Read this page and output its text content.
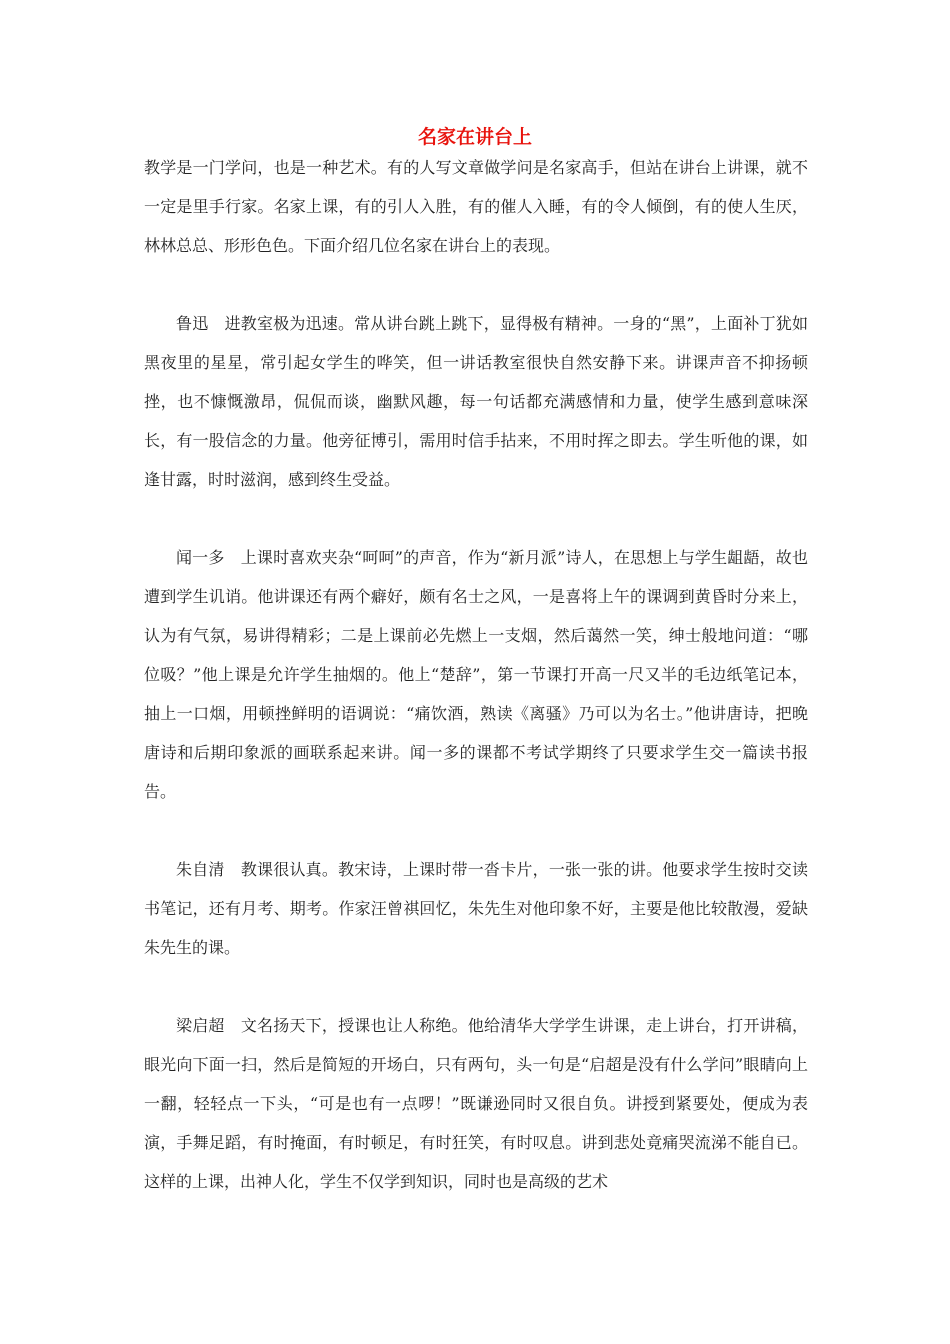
名家在讲台上

教学是一门学问，也是一种艺术。有的人写文章做学问是名家高手，但站在讲台上讲课，就不一定是里手行家。名家上课，有的引人入胜，有的催人入睡，有的令人倾倒，有的使人生厌，林林总总、形形色色。下面介绍几位名家在讲台上的表现。

鲁迅　进教室极为迅速。常从讲台跳上跳下，显得极有精神。一身的“黑”，上面补丁犹如黑夜里的星星，常引起女学生的哗笑，但一讲话教室很快自然安静下来。讲课声音不抑扬顿挫，也不慷慨激昂，侃侃而谈，幽默风趣，每一句话都充满感情和力量，使学生感到意味深长，有一股信念的力量。他旁征博引，需用时信手拈来，不用时挥之即去。学生听他的课，如逢甘露，时时滋润，感到终生受益。

闻一多　上课时喜欢夹杂“呵呵”的声音，作为“新月派”诗人，在思想上与学生龃龉，故也遭到学生讥诮。他讲课还有两个癖好，颇有名士之风，一是喜将上午的课调到黄昏时分来上，认为有气氛，易讲得精彩；二是上课前必先燃上一支烟，然后蔼然一笑，绅士般地问道：“哪位吸？”他上课是允许学生抽烟的。他上“楚辞”，第一节课打开高一尺又半的毛边纸笔记本，抽上一口烟，用顿挫鲜明的语调说：“痛饮酒，熟读《离骚》乃可以为名士。”他讲唐诗，把晚唐诗和后期印象派的画联系起来讲。闻一多的课都不考试学期终了只要求学生交一篇读书报告。

朱自清　教课很认真。教宋诗，上课时带一沓卡片，一张一张的讲。他要求学生按时交读书笔记，还有月考、期考。作家汪曾祺回忆，朱先生对他印象不好，主要是他比较散漫，爱缺朱先生的课。

梁启超　文名扬天下，授课也让人称绝。他给清华大学学生讲课，走上讲台，打开讲稿，眼光向下面一扫，然后是简短的开场白，只有两句，头一句是“启超是没有什么学问”眼睛向上一翻，轻轻点一下头，“可是也有一点啰！”既谦逊同时又很自负。讲授到紧要处，便成为表演，手舞足蹈，有时掩面，有时顿足，有时狂笑，有时叹息。讲到悲处竟痛哭流涕不能自已。这样的上课，出神人化，学生不仅学到知识，同时也是高级的艺术
